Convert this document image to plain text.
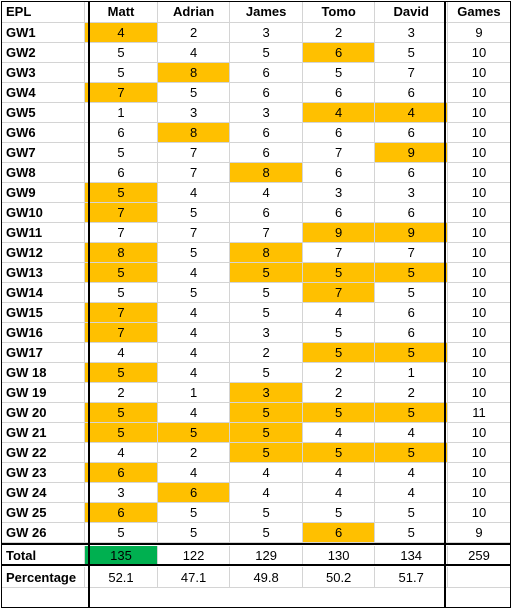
EPL	Matt	Adrian	James	Tomo	David	Games
GW1	4	2	3	2	3	9
GW2	5	4	5	6	5	10
GW3	5	8	6	5	7	10
GW4	7	5	6	6	6	10
GW5	1	3	3	4	4	10
GW6	6	8	6	6	6	10
GW7	5	7	6	7	9	10
GW8	6	7	8	6	6	10
GW9	5	4	4	3	3	10
GW10	7	5	6	6	6	10
GW11	7	7	7	9	9	10
GW12	8	5	8	7	7	10
GW13	5	4	5	5	5	10
GW14	5	5	5	7	5	10
GW15	7	4	5	4	6	10
GW16	7	4	3	5	6	10
GW17	4	4	2	5	5	10
GW 18	5	4	5	2	1	10
GW 19	2	1	3	2	2	10
GW 20	5	4	5	5	5	11
GW 21	5	5	5	4	4	10
GW 22	4	2	5	5	5	10
GW 23	6	4	4	4	4	10
GW 24	3	6	4	4	4	10
GW 25	6	5	5	5	5	10
GW 26	5	5	5	6	5	9
Total	135	122	129	130	134	259
Percentage	52.1	47.1	49.8	50.2	51.7
